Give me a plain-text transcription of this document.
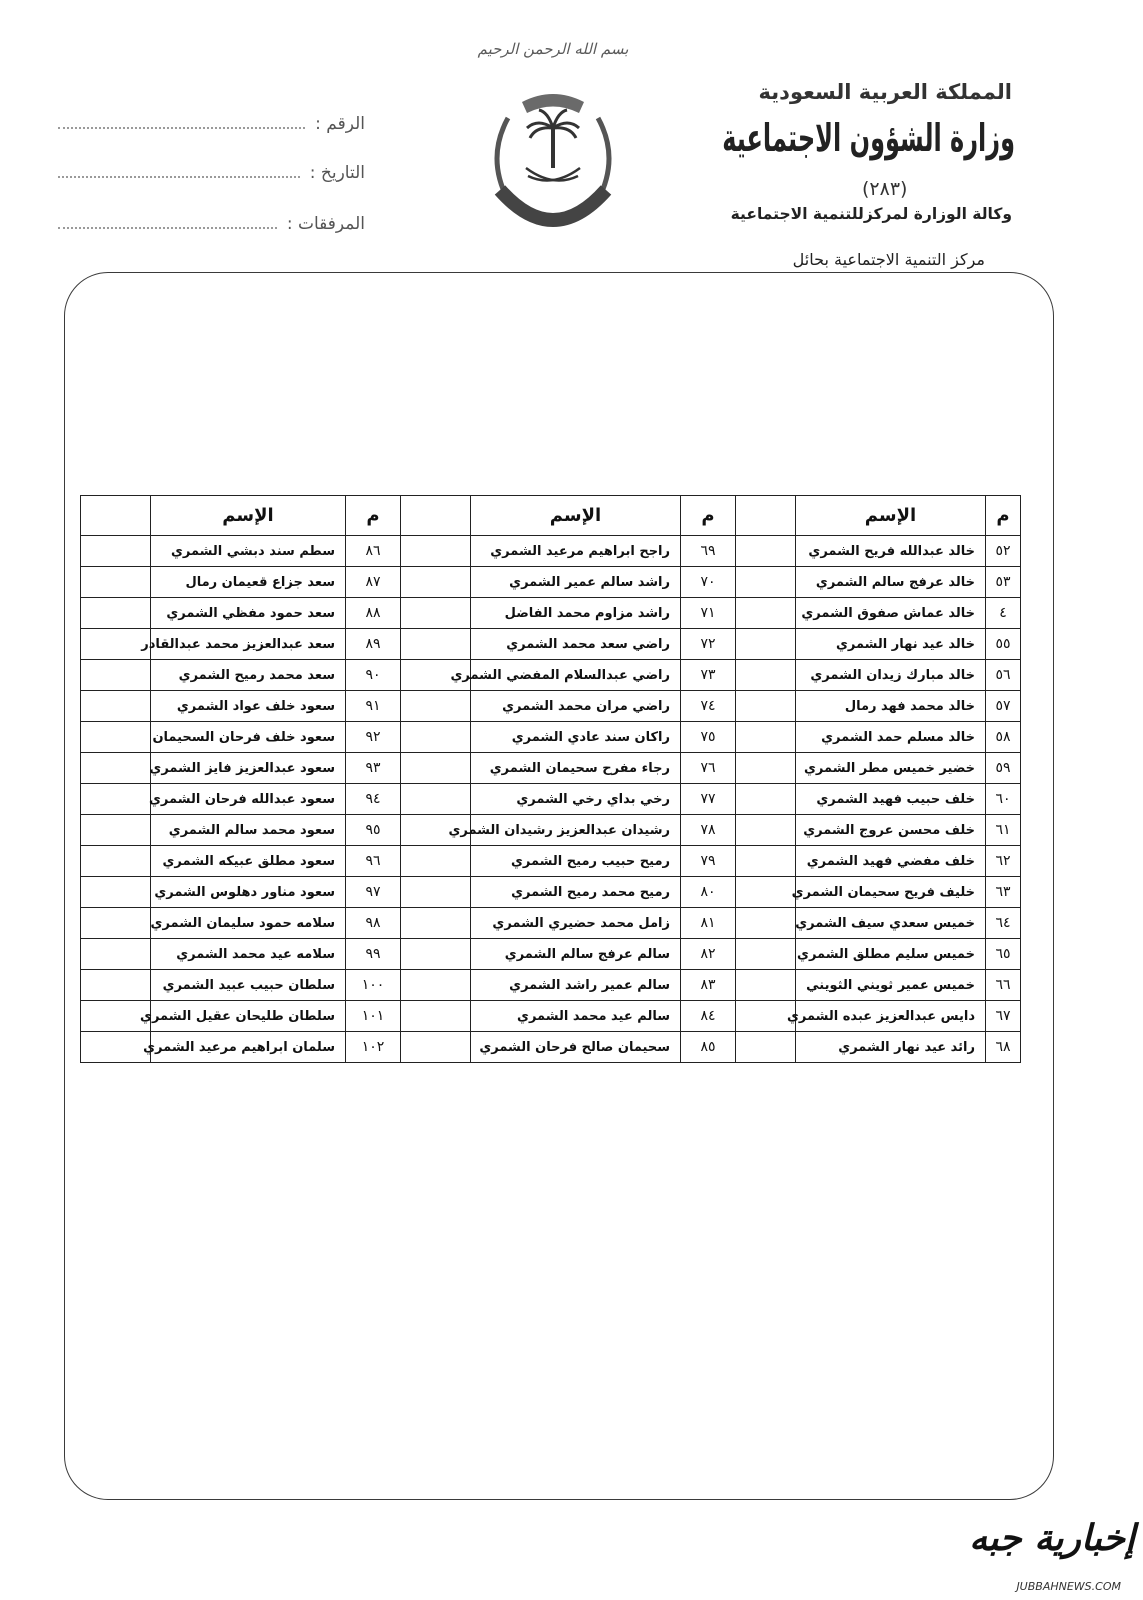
بسم الله الرحمن الرحيم
المملكة العربية السعودية
وزارة الشؤون الاجتماعية
(٢٨٣)
وكالة الوزارة لمركزللتنمية الاجتماعية
مركز التنمية الاجتماعية بحائل
الرقم :
التاريخ :
المرفقات :
م	الإسم		م	الإسم		م	الإسم	
٥٢	خالد عبدالله فريح الشمري		٦٩	راجح ابراهيم مرعيد الشمري		٨٦	سطم سند دبشي الشمري	
٥٣	خالد عرفج سالم الشمري		٧٠	راشد سالم عمير الشمري		٨٧	سعد جزاع قعيمان رمال	
٤	خالد عماش صفوق الشمري		٧١	راشد مزاوم محمد الفاضل		٨٨	سعد حمود مفظي الشمري	
٥٥	خالد عيد نهار الشمري		٧٢	راضي سعد محمد الشمري		٨٩	سعد عبدالعزيز محمد عبدالقادر	
٥٦	خالد مبارك زيدان الشمري		٧٣	راضي عبدالسلام المفضي الشمري		٩٠	سعد محمد رميح الشمري	
٥٧	خالد محمد فهد رمال		٧٤	راضي مران محمد الشمري		٩١	سعود خلف عواد الشمري	
٥٨	خالد مسلم حمد الشمري		٧٥	راكان سند عادي الشمري		٩٢	سعود خلف فرحان السحيمان	
٥٩	خضير خميس مطر الشمري		٧٦	رجاء مفرح سحيمان الشمري		٩٣	سعود عبدالعزيز فايز الشمري	
٦٠	خلف حبيب فهيد الشمري		٧٧	رخي بداي رخي الشمري		٩٤	سعود عبدالله فرحان الشمري	
٦١	خلف محسن عروج الشمري		٧٨	رشيدان عبدالعزيز رشيدان الشمري		٩٥	سعود محمد سالم الشمري	
٦٢	خلف مفضي فهيد الشمري		٧٩	رميح حبيب رميح الشمري		٩٦	سعود مطلق عبيكه الشمري	
٦٣	خليف فريح سحيمان الشمري		٨٠	رميح محمد رميح الشمري		٩٧	سعود مناور دهلوس الشمري	
٦٤	خميس سعدي سيف الشمري		٨١	زامل محمد حضيري الشمري		٩٨	سلامه حمود سليمان الشمري	
٦٥	خميس سليم مطلق الشمري		٨٢	سالم عرفج سالم الشمري		٩٩	سلامه عيد محمد الشمري	
٦٦	خميس عمير ثويني الثويني		٨٣	سالم عمير راشد الشمري		١٠٠	سلطان حبيب عبيد الشمري	
٦٧	دايس عبدالعزيز عبده الشمري		٨٤	سالم عيد محمد الشمري		١٠١	سلطان طليحان عقيل الشمري	
٦٨	رائد عيد نهار الشمري		٨٥	سحيمان صالح فرحان الشمري		١٠٢	سلمان ابراهيم مرعيد الشمري	
إخبارية جبه
JUBBAHNEWS.COM
